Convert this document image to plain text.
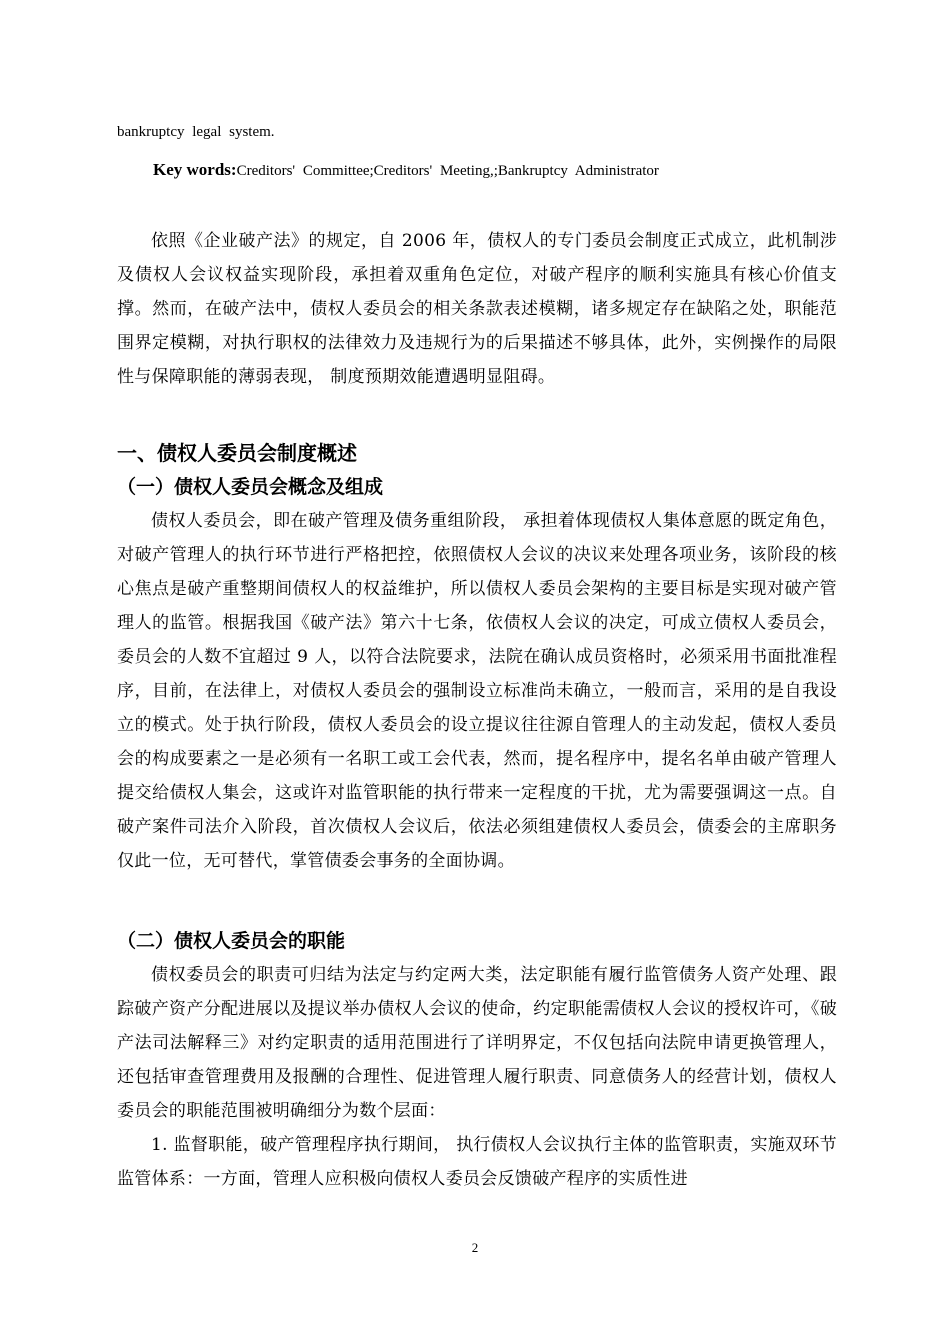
bankruptcy legal system.
Key words:Creditors' Committee;Creditors' Meeting,;Bankruptcy Administrator

依照《企业破产法》的规定，自 2006 年，债权人的专门委员会制度正式成立，此机制涉及债权人会议权益实现阶段，承担着双重角色定位，对破产程序的顺利实施具有核心价值支撑。然而，在破产法中，债权人委员会的相关条款表述模糊，诸多规定存在缺陷之处，职能范围界定模糊，对执行职权的法律效力及违规行为的后果描述不够具体，此外，实例操作的局限性与保障职能的薄弱表现， 制度预期效能遭遇明显阻碍。

一、债权人委员会制度概述
（一）债权人委员会概念及组成

债权人委员会，即在破产管理及债务重组阶段， 承担着体现债权人集体意愿的既定角色，对破产管理人的执行环节进行严格把控，依照债权人会议的决议来处理各项业务，该阶段的核心焦点是破产重整期间债权人的权益维护，所以债权人委员会架构的主要目标是实现对破产管理人的监管。根据我国《破产法》第六十七条，依债权人会议的决定，可成立债权人委员会，委员会的人数不宜超过 9 人，以符合法院要求，法院在确认成员资格时，必须采用书面批准程序，目前，在法律上，对债权人委员会的强制设立标准尚未确立，一般而言，采用的是自我设立的模式。处于执行阶段，债权人委员会的设立提议往往源自管理人的主动发起，债权人委员会的构成要素之一是必须有一名职工或工会代表，然而，提名程序中，提名名单由破产管理人提交给债权人集会，这或许对监管职能的执行带来一定程度的干扰，尤为需要强调这一点。自破产案件司法介入阶段，首次债权人会议后，依法必须组建债权人委员会，债委会的主席职务仅此一位，无可替代，掌管债委会事务的全面协调。

（二）债权人委员会的职能

债权委员会的职责可归结为法定与约定两大类，法定职能有履行监管债务人资产处理、跟踪破产资产分配进展以及提议举办债权人会议的使命，约定职能需债权人会议的授权许可，《破产法司法解释三》对约定职责的适用范围进行了详明界定，不仅包括向法院申请更换管理人，还包括审查管理费用及报酬的合理性、促进管理人履行职责、同意债务人的经营计划，债权人委员会的职能范围被明确细分为数个层面：

1. 监督职能，破产管理程序执行期间， 执行债权人会议执行主体的监管职责，实施双环节监管体系：一方面，管理人应积极向债权人委员会反馈破产程序的实质性进

2
